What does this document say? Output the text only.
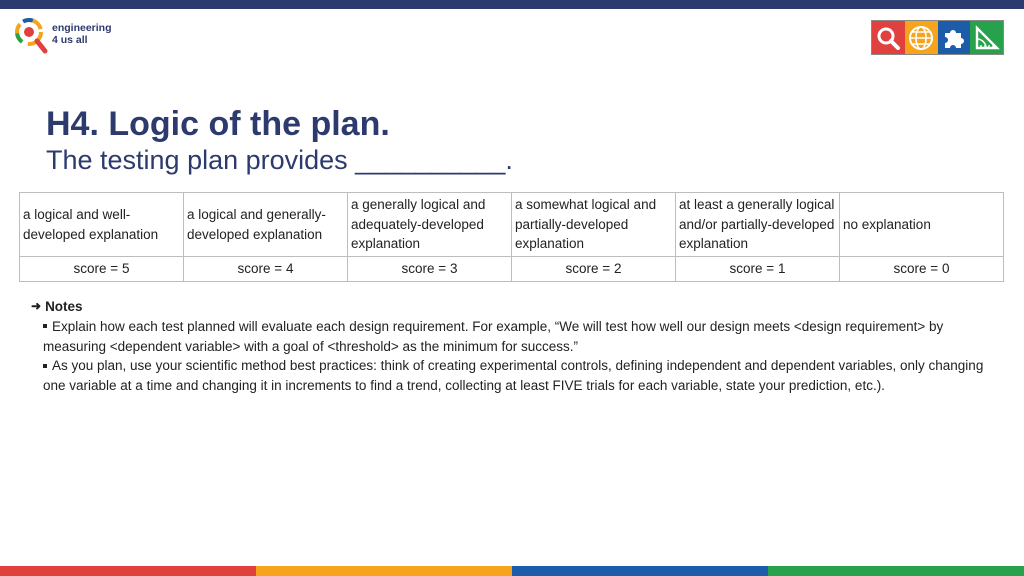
engineering
4 us all
H4. Logic of the plan.
The testing plan provides __________.
a logical and well-developed explanation	a logical and generally-developed explanation	a generally logical and adequately-developed explanation	a somewhat logical and partially-developed explanation	at least a generally logical and/or partially-developed explanation	no explanation
score = 5	score = 4	score = 3	score = 2	score = 1	score = 0
➜ Notes
Explain how each test planned will evaluate each design requirement. For example, “We will test how well our design meets <design requirement> by measuring <dependent variable> with a goal of <threshold> as the minimum for success.”
As you plan, use your scientific method best practices: think of creating experimental controls, defining independent and dependent variables, only changing one variable at a time and changing it in increments to find a trend, collecting at least FIVE trials for each variable, state your prediction, etc.).
